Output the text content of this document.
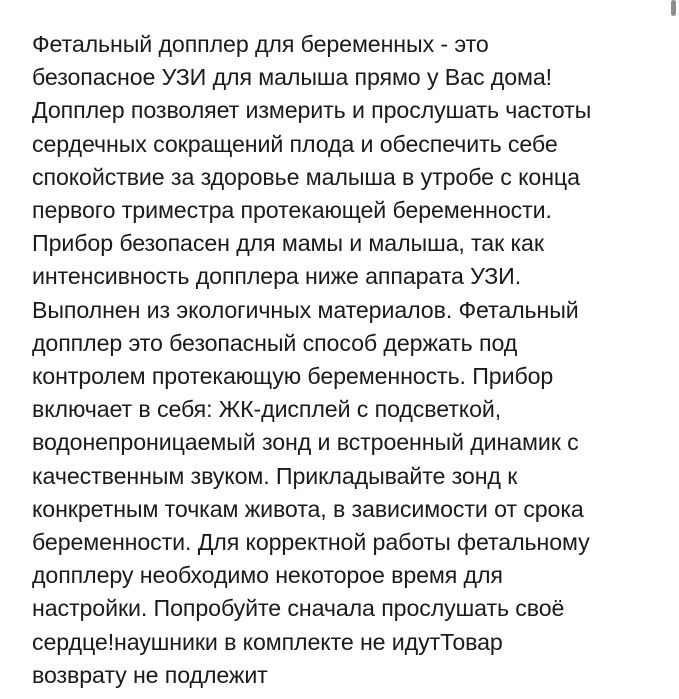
Фетальный допплер для беременных - это
безопасное УЗИ для малыша прямо у Вас дома!
Допплер позволяет измерить и прослушать частоты
сердечных сокращений плода и обеспечить себе
спокойствие за здоровье малыша в утробе с конца
первого триместра протекающей беременности.
Прибор безопасен для мамы и малыша, так как
интенсивность допплера ниже аппарата УЗИ.
Выполнен из экологичных материалов. Фетальный
допплер это безопасный способ держать под
контролем протекающую беременность. Прибор
включает в себя: ЖК-дисплей с подсветкой,
водонепроницаемый зонд и встроенный динамик с
качественным звуком. Прикладывайте зонд к
конкретным точкам живота, в зависимости от срока
беременности. Для корректной работы фетальному
допплеру необходимо некоторое время для
настройки. Попробуйте сначала прослушать своё
сердце!наушники в комплекте не идутТовар
возврату не подлежит
